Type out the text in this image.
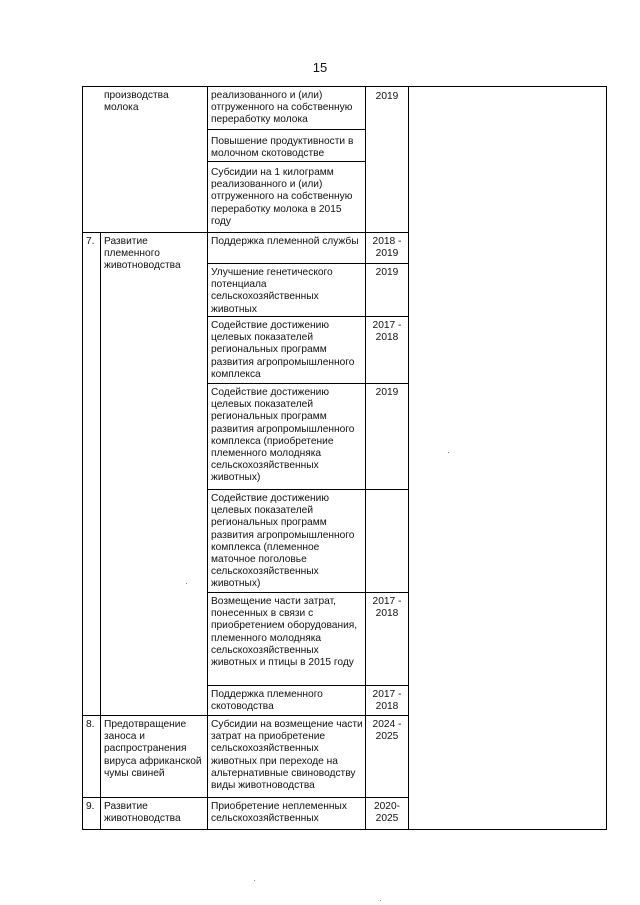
15
производства молока
реализованного и (или) отгруженного на собственную переработку молока
2019
Повышение продуктивности в молочном скотоводстве
Субсидии на 1 килограмм реализованного и (или) отгруженного на собственную переработку молока в 2015 году
7. Развитие племенного животноводства
Поддержка племенной службы	2018 - 2019
Улучшение генетического потенциала сельскохозяйственных животных
2019
Содействие достижению целевых показателей региональных программ развития агропромышленного комплекса
2017 - 2018
Содействие достижению целевых показателей региональных программ развития агропромышленного комплекса (приобретение племенного молодняка сельскохозяйственных животных)
2019
Содействие достижению целевых показателей региональных программ развития агропромышленного комплекса (племенное маточное поголовье сельскохозяйственных животных)
Возмещение части затрат, понесенных в связи с приобретением оборудования, племенного молодняка сельскохозяйственных животных и птицы в 2015 году
2017 - 2018
Поддержка племенного скотоводства
2017 - 2018
8. Предотвращение заноса и распространения вируса африканской чумы свиней
Субсидии на возмещение части затрат на приобретение сельскохозяйственных животных при переходе на альтернативные свиноводству виды животноводства
2024 - 2025
9. Развитие животноводства
Приобретение неплеменных сельскохозяйственных
2020- 2025
